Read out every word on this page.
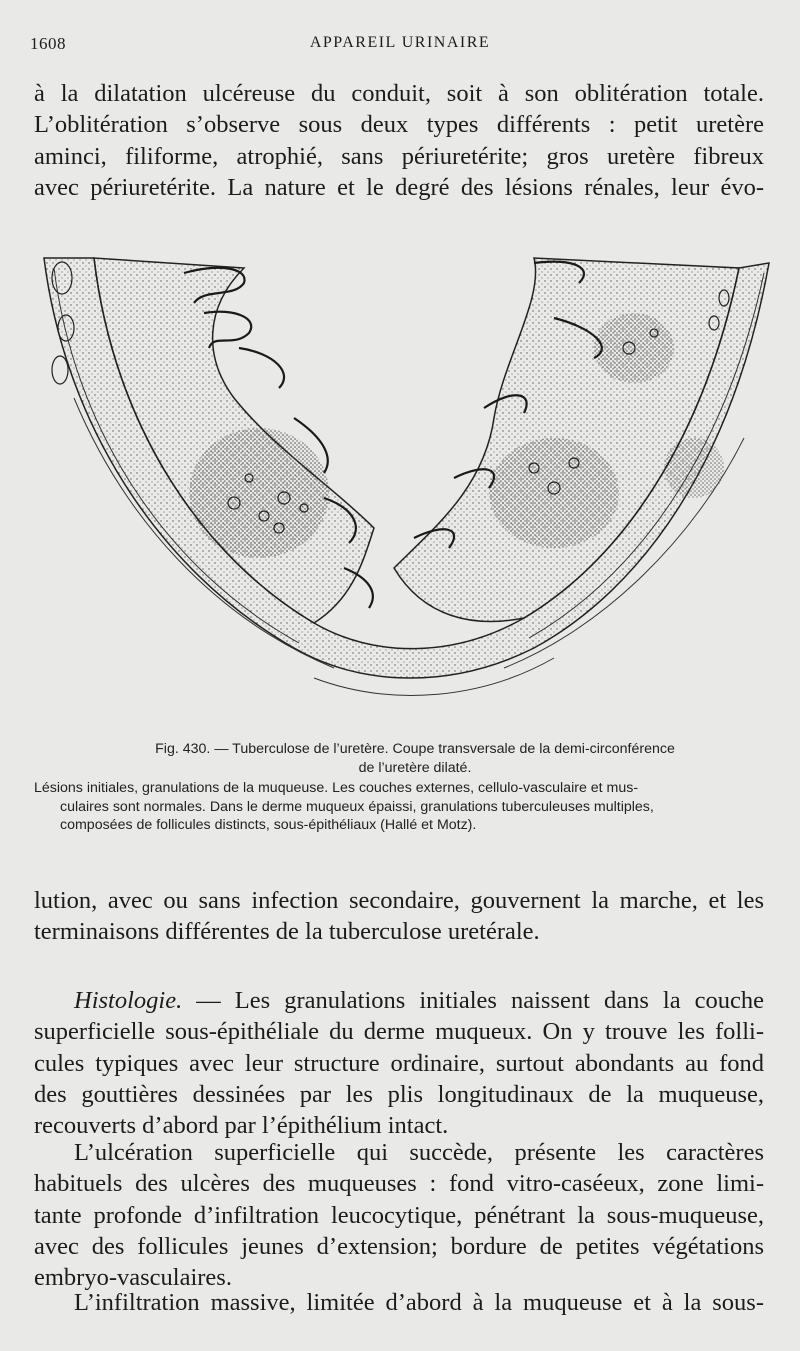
1608	APPAREIL URINAIRE

à la dilatation ulcéreuse du conduit, soit à son oblitération totale.
L’oblitération s’observe sous deux types différents : petit uretère
aminci, filiforme, atrophié, sans périuretérite; gros uretère fibreux
avec périuretérite. La nature et le degré des lésions rénales, leur évo-

Fig. 430. — Tuberculose de l’uretère. Coupe transversale de la demi-circonférence
de l’uretère dilaté.
Lésions initiales, granulations de la muqueuse. Les couches externes, cellulo-vasculaire et mus-
culaires sont normales. Dans le derme muqueux épaissi, granulations tuberculeuses multiples,
composées de follicules distincts, sous-épithéliaux (Hallé et Motz).

lution, avec ou sans infection secondaire, gouvernent la marche, et les
terminaisons différentes de la tuberculose uretérale.

Histologie. — Les granulations initiales naissent dans la couche
superficielle sous-épithéliale du derme muqueux. On y trouve les folli-
cules typiques avec leur structure ordinaire, surtout abondants au fond
des gouttières dessinées par les plis longitudinaux de la muqueuse,
recouverts d’abord par l’épithélium intact.

L’ulcération superficielle qui succède, présente les caractères
habituels des ulcères des muqueuses : fond vitro-caséeux, zone limi-
tante profonde d’infiltration leucocytique, pénétrant la sous-muqueuse,
avec des follicules jeunes d’extension; bordure de petites végétations
embryo-vasculaires.

L’infiltration massive, limitée d’abord à la muqueuse et à la sous-
